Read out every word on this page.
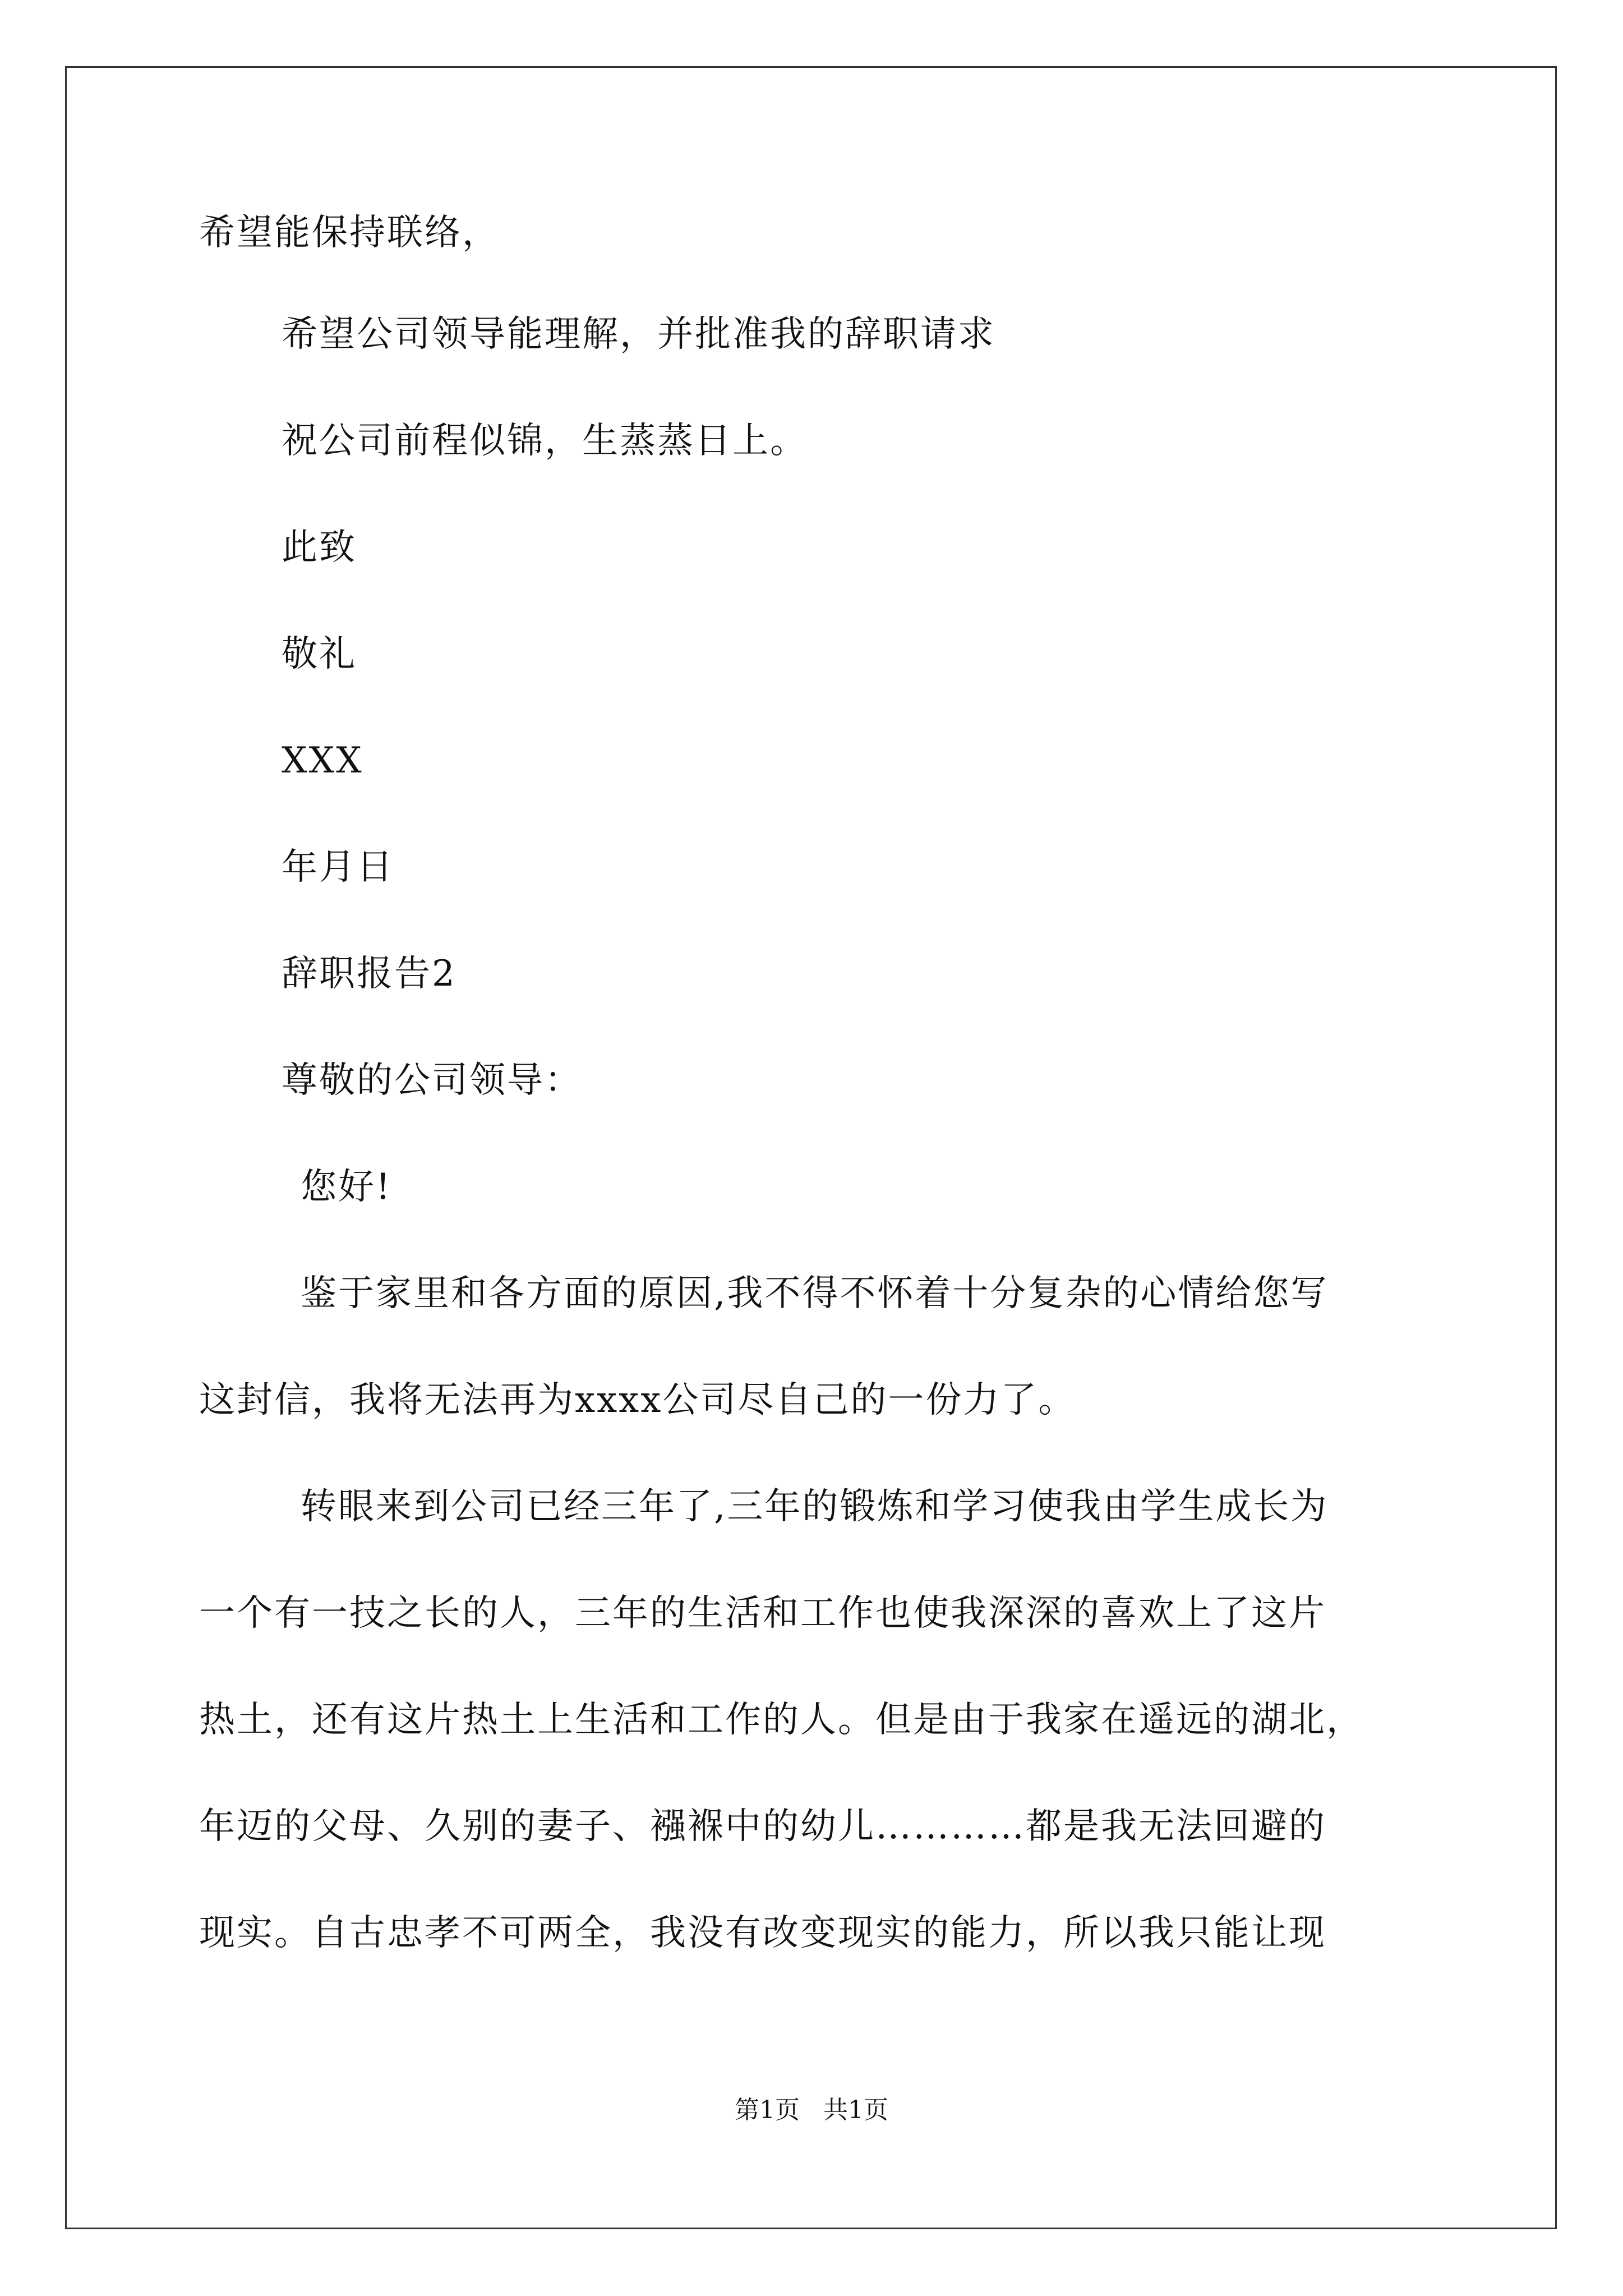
希望能保持联络，
希望公司领导能理解，并批准我的辞职请求
祝公司前程似锦，生蒸蒸日上。
此致
敬礼
XXX
年月日
辞职报告2
尊敬的公司领导：
您好!
鉴于家里和各方面的原因,我不得不怀着十分复杂的心情给您写
这封信，我将无法再为xxxx公司尽自己的一份力了。
转眼来到公司已经三年了,三年的锻炼和学习使我由学生成长为
一个有一技之长的人，三年的生活和工作也使我深深的喜欢上了这片
热土，还有这片热土上生活和工作的人。但是由于我家在遥远的湖北，
年迈的父母、久别的妻子、襁褓中的幼儿…………都是我无法回避的
现实。自古忠孝不可两全，我没有改变现实的能力，所以我只能让现
第1页   共1页
